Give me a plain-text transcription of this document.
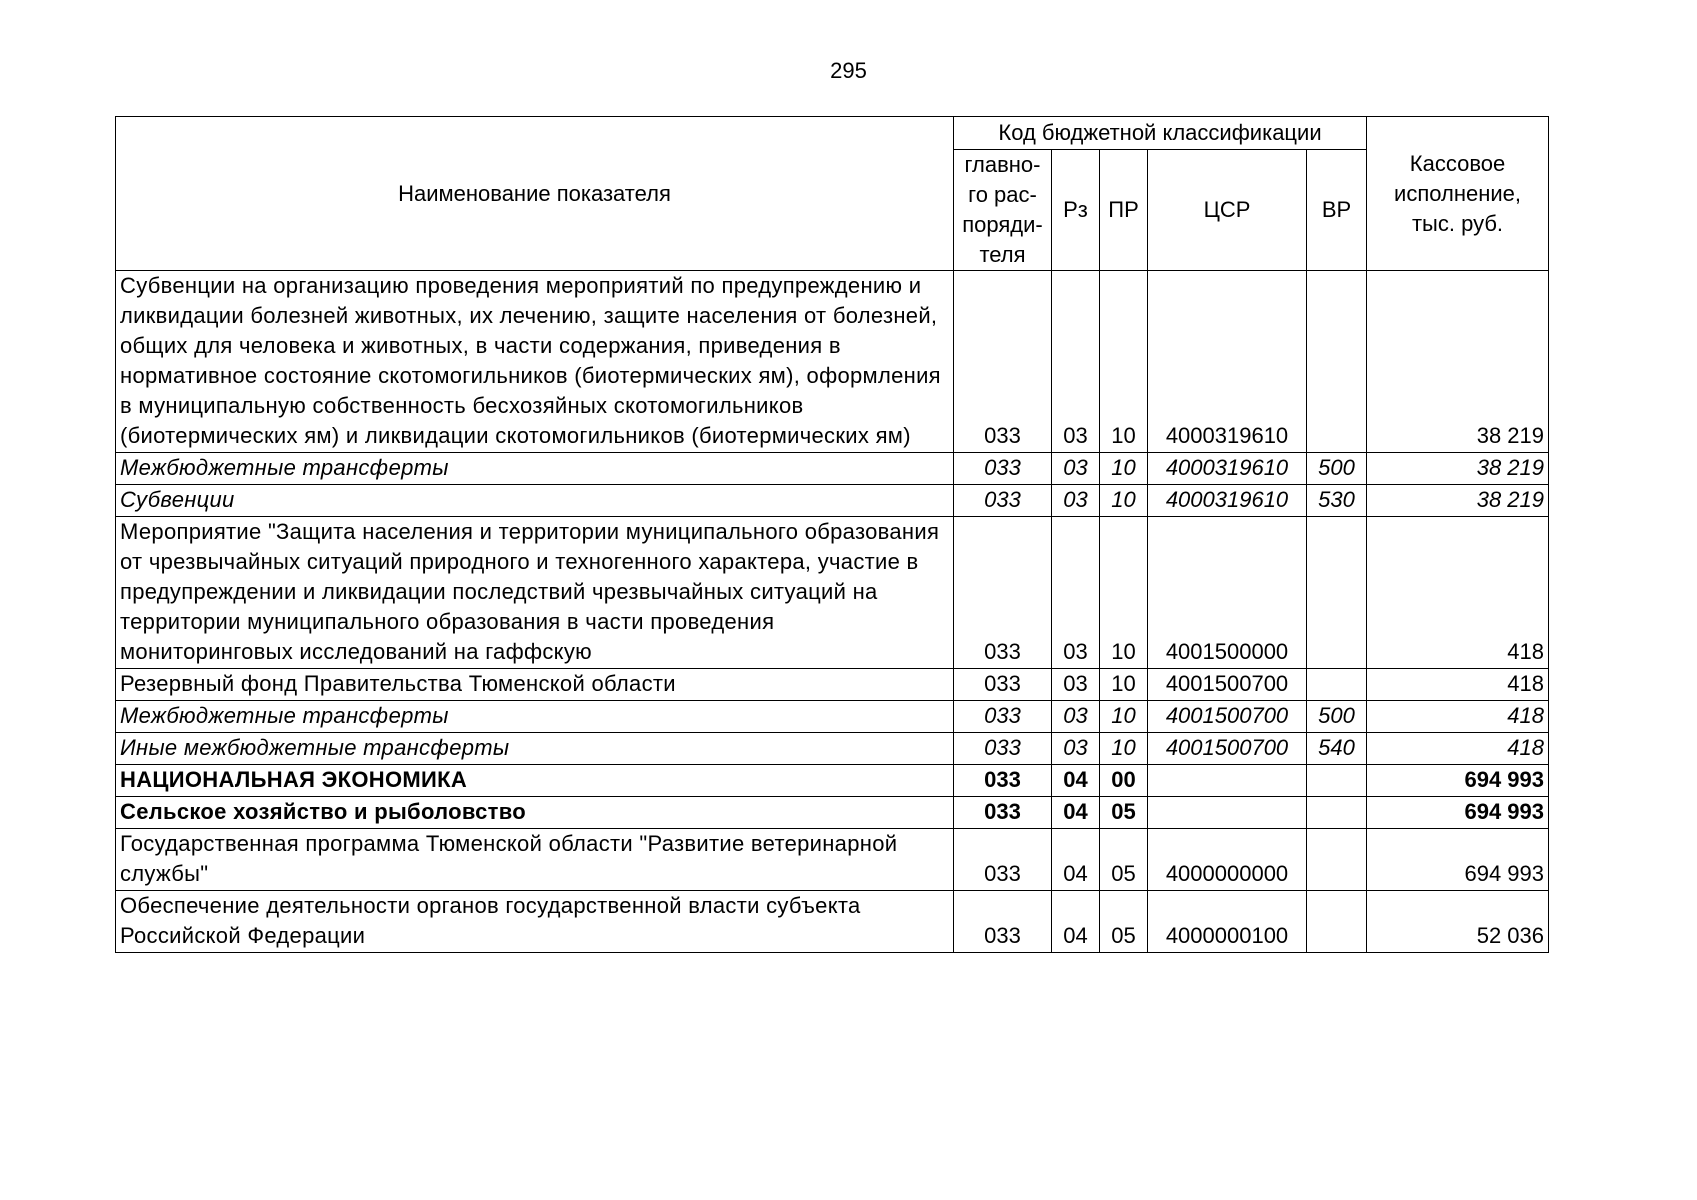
295
Наименование показателя	Код бюджетной классификации					Кассовое
исполнение,
тыс. руб.

	главно-
го рас-
поряди-
теля	Рз	ПР	ЦСР	ВР	
Субвенции на организацию проведения мероприятий по предупреждению и ликвидации болезней животных, их лечению, защите населения от болезней, общих для человека и животных, в части содержания, приведения в нормативное состояние скотомогильников (биотермических ям), оформления в муниципальную собственность бесхозяйных скотомогильников (биотермических ям) и ликвидации скотомогильников (биотермических ям)	033	03	10	4000319610		38 219
Межбюджетные трансферты	033	03	10	4000319610	500	38 219
Субвенции	033	03	10	4000319610	530	38 219
Мероприятие "Защита населения и территории муниципального образования от чрезвычайных ситуаций природного и техногенного характера, участие в предупреждении и ликвидации последствий чрезвычайных ситуаций на территории муниципального образования в части проведения мониторинговых исследований на гаффскую	033	03	10	4001500000		418
Резервный фонд Правительства Тюменской области	033	03	10	4001500700		418
Межбюджетные трансферты	033	03	10	4001500700	500	418
Иные межбюджетные трансферты	033	03	10	4001500700	540	418
НАЦИОНАЛЬНАЯ ЭКОНОМИКА	033	04	00			694 993
Сельское хозяйство и рыболовство	033	04	05			694 993
Государственная программа Тюменской области "Развитие ветеринарной службы"	033	04	05	4000000000		694 993
Обеспечение деятельности органов государственной власти субъекта Российской Федерации	033	04	05	4000000100		52 036
